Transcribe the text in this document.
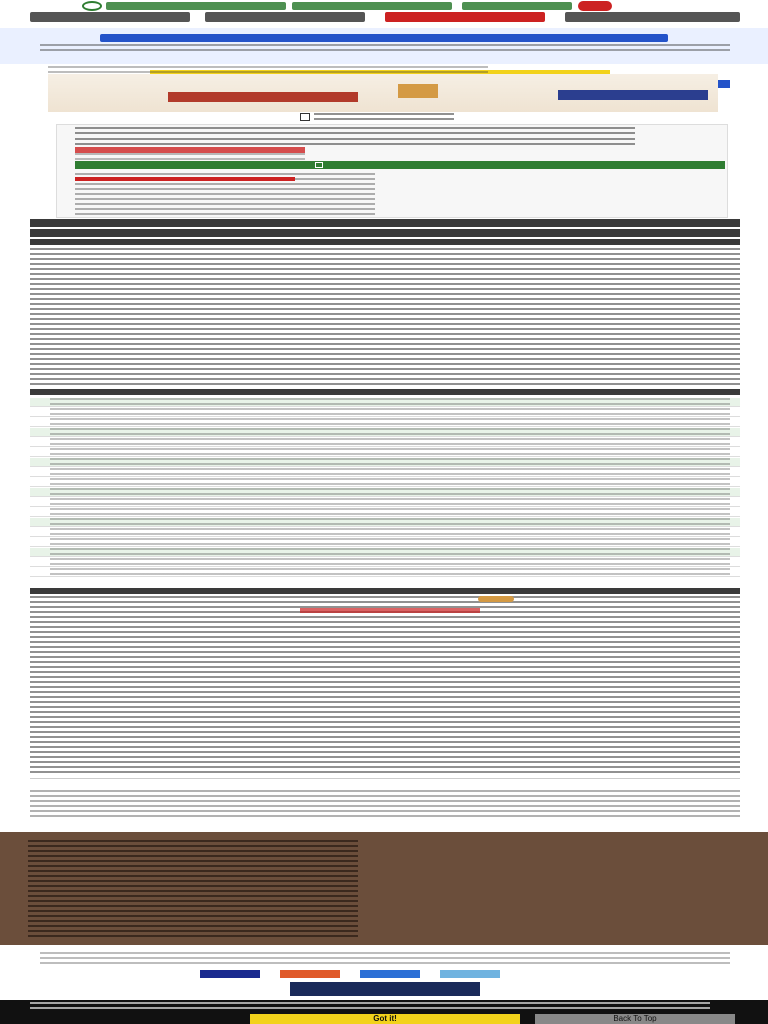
Got it!	Back To Top
